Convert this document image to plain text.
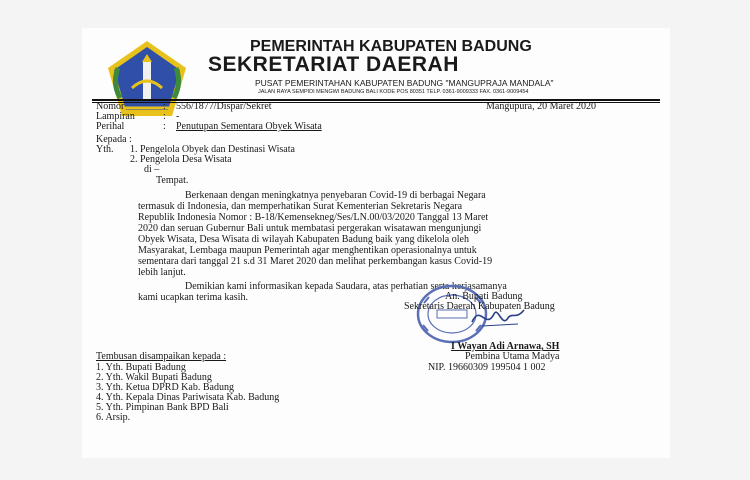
PEMERINTAH KABUPATEN BADUNG
SEKRETARIAT DAERAH
PUSAT PEMERINTAHAN KABUPATEN BADUNG "MANGUPRAJA MANDALA"
JALAN RAYA SEMPIDI MENGWI BADUNG BALI KODE POS 80351 TELP. 0361-9009333 FAX. 0361-9009454
Nomor	: 556/1877/Dispar/Sekret	Mangupura, 20 Maret 2020
Lampiran	: -
Perihal	: Penutupan Sementara Obyek Wisata
Kepada :
Yth. 1. Pengelola Obyek dan Destinasi Wisata
2. Pengelola Desa Wisata
di –
Tempat.
Berkenaan dengan meningkatnya penyebaran Covid-19 di berbagai Negara
termasuk di Indonesia, dan memperhatikan Surat Kementerian Sekretaris Negara
Republik Indonesia Nomor : B-18/Kemensekneg/Ses/LN.00/03/2020 Tanggal 13 Maret
2020 dan seruan Gubernur Bali untuk membatasi pergerakan wisatawan mengunjungi
Obyek Wisata, Desa Wisata di wilayah Kabupaten Badung baik yang dikelola oleh
Masyarakat, Lembaga maupun Pemerintah agar menghentikan operasionalnya untuk
sementara dari tanggal 21 s.d 31 Maret 2020 dan melihat perkembangan kasus Covid-19
lebih lanjut.
Demikian kami informasikan kepada Saudara, atas perhatian serta kerjasamanya
kami ucapkan terima kasih.	An. Bupati Badung
Sekretaris Daerah Kabupaten Badung
I Wayan Adi Arnawa, SH
Pembina Utama Madya
NIP. 19660309 199504 1 002
Tembusan disampaikan kepada :
1. Yth. Bupati Badung
2. Yth. Wakil Bupati Badung
3. Yth. Ketua DPRD Kab. Badung
4. Yth. Kepala Dinas Pariwisata Kab. Badung
5. Yth. Pimpinan Bank BPD Bali
6. Arsip.
